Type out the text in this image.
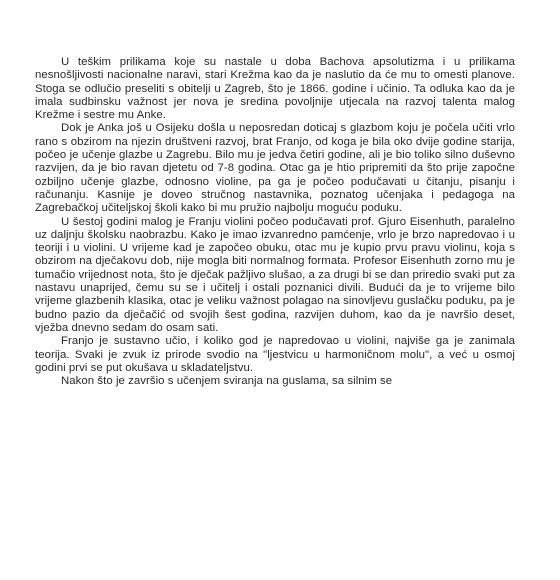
U teškim prilikama koje su nastale u doba Bachova apsolutizma i u prilikama nesnošljivosti nacionalne naravi, stari Krežma kao da je naslutio da će mu to omesti planove. Stoga se odlučio preseliti s obitelji u Zagreb, što je 1866. godine i učinio. Ta odluka kao da je imala sudbinsku važnost jer nova je sredina povoljnije utjecala na razvoj talenta malog Krežme i sestre mu Anke.

Dok je Anka još u Osijeku došla u neposredan doticaj s glazbom koju je počela učiti vrlo rano s obzirom na njezin društveni razvoj, brat Franjo, od koga je bila oko dvije godine starija, počeo je učenje glazbe u Zagrebu. Bilo mu je jedva četiri godine, ali je bio toliko silno duševno razvijen, da je bio ravan djetetu od 7-8 godina. Otac ga je htio pripremiti da što prije započne ozbiljno učenje glazbe, odnosno violine, pa ga je počeo podučavati u čitanju, pisanju i računanju. Kasnije je doveo stručnog nastavnika, poznatog učenjaka i pedagoga na Zagrebačkoj učiteljskoj školi kako bi mu pružio najbolju moguću poduku.

U šestoj godini malog je Franju violini počeo podučavati prof. Gjuro Eisenhuth, paralelno uz daljnju školsku naobrazbu. Kako je imao izvanredno pamćenje, vrlo je brzo napredovao i u teoriji i u violini. U vrijeme kad je započeo obuku, otac mu je kupio prvu pravu violinu, koja s obzirom na dječakovu dob, nije mogla biti normalnog formata. Profesor Eisenhuth zorno mu je tumačio vrijednost nota, što je dječak pažljivo slušao, a za drugi bi se dan priredio svaki put za nastavu unaprijed, čemu su se i učitelj i ostali poznanici divili. Budući da je to vrijeme bilo vrijeme glazbenih klasika, otac je veliku važnost polagao na sinovljevu guslačku poduku, pa je budno pazio da dječačić od svojih šest godina, razvijen duhom, kao da je navršio deset, vježba dnevno sedam do osam sati.

Franjo je sustavno učio, i koliko god je napredovao u violini, najviše ga je zanimala teorija. Svaki je zvuk iz prirode svodio na "ljestvicu u harmoničnom molu", a već u osmoj godini prvi se put okušava u skladateljstvu.

Nakon što je završio s učenjem sviranja na guslama, sa silnim se
